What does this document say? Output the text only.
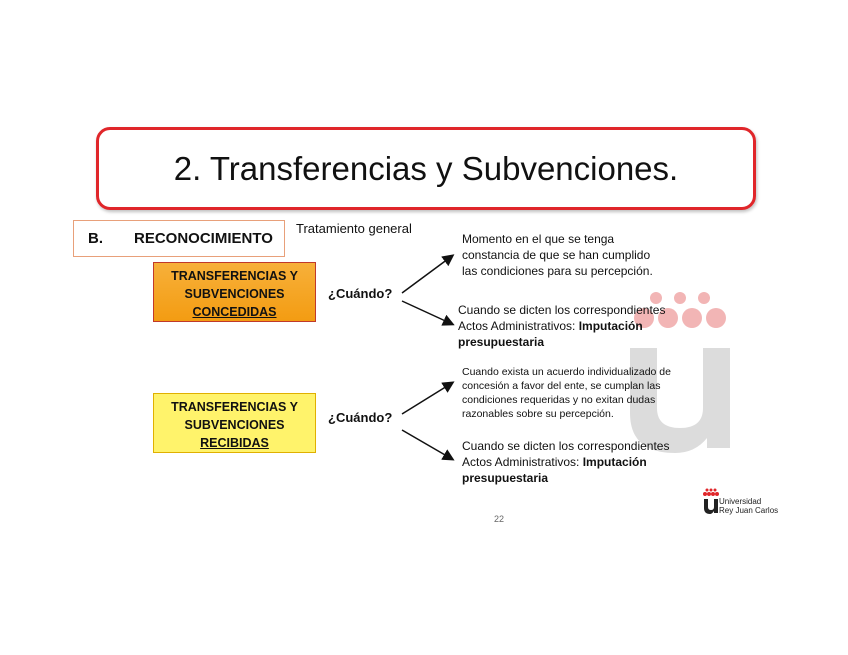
2. Transferencias y Subvenciones.
B.	RECONOCIMIENTO
Tratamiento general
TRANSFERENCIAS Y
SUBVENCIONES
CONCEDIDAS
¿Cuándo?
Momento en el que se tenga
constancia de que se han cumplido
las condiciones para su percepción.
Cuando se dicten los correspondientes
Actos Administrativos: Imputación
presupuestaria
TRANSFERENCIAS Y
SUBVENCIONES
RECIBIDAS
¿Cuándo?
Cuando exista un acuerdo individualizado de
concesión a favor del ente, se cumplan las
condiciones requeridas y no exitan dudas
razonables sobre su percepción.
Cuando se dicten los correspondientes
Actos Administrativos: Imputación
presupuestaria
22
Universidad
Rey Juan Carlos
